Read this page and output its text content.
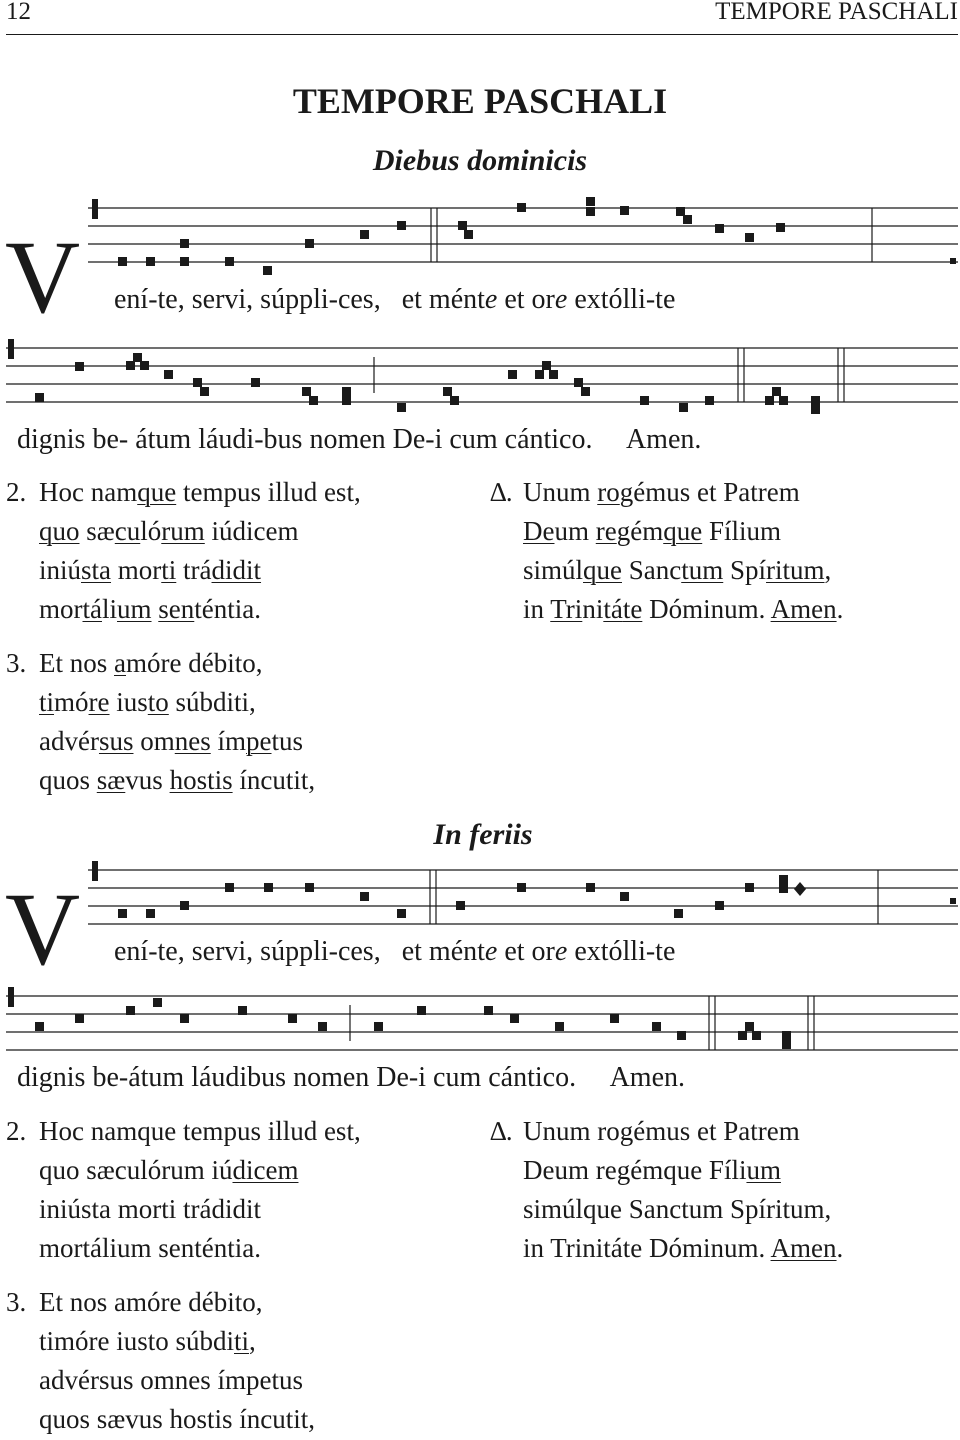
12	TEMPORE PASCHALI
TEMPORE PASCHALI
Diebus dominicis
V ení-te, servi, súppli-ces, et ménte et ore extólli-te
dignis be- átum láudi-bus nomen De-i cum cántico. Amen.
2. Hoc namque tempus illud est,
quo sæculórum iúdicem
iniústa morti trádidit
mortálium senténtia.
3. Et nos amóre débito,
timóre iusto súbditi,
advérsus omnes ímpetus
quos sævus hostis íncutit,
∆. Unum rogémus et Patrem
Deum regémque Fílium
simúlque Sanctum Spíritum,
in Trinitáte Dóminum. Amen.
In feriis
V ení-te, servi, súppli-ces, et ménte et ore extólli-te
dignis be-átum láudibus nomen De-i cum cántico. Amen.
2. Hoc namque tempus illud est,
quo sæculórum iúdicem
iniústa morti trádidit
mortálium senténtia.
3. Et nos amóre débito,
timóre iusto súbditi,
advérsus omnes ímpetus
quos sævus hostis íncutit,
∆. Unum rogémus et Patrem
Deum regémque Fílium
simúlque Sanctum Spíritum,
in Trinitáte Dóminum. Amen.
